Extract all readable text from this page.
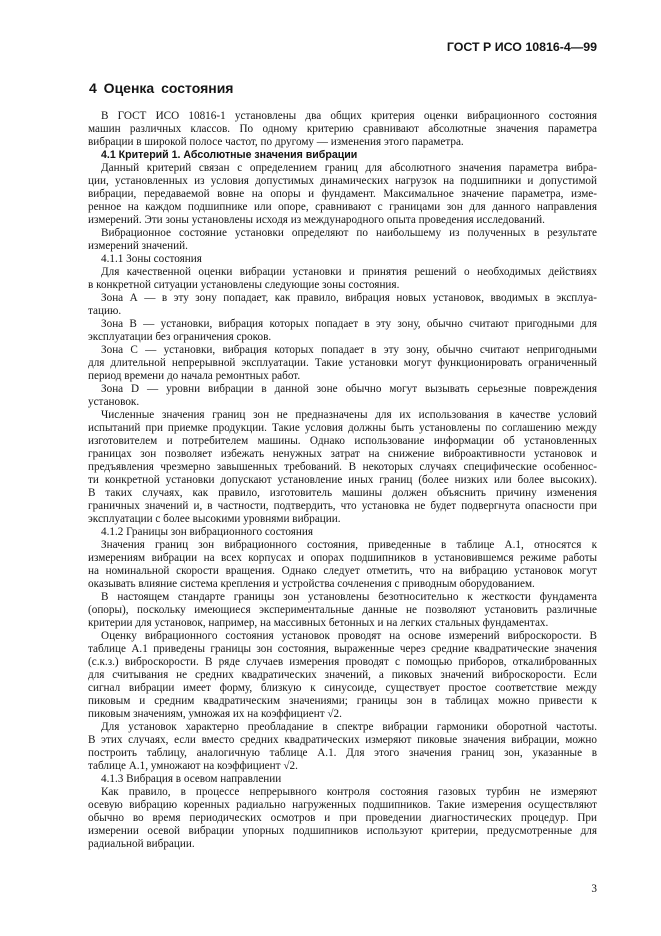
ГОСТ Р ИСО 10816-4—99
4 Оценка состояния
В ГОСТ ИСО 10816-1 установлены два общих критерия оценки вибрационного состояния
машин различных классов. По одному критерию сравнивают абсолютные значения параметра
вибрации в широкой полосе частот, по другому — изменения этого параметра.
4.1 Критерий 1. Абсолютные значения вибрации
Данный критерий связан с определением границ для абсолютного значения параметра вибра-
ции, установленных из условия допустимых динамических нагрузок на подшипники и допустимой
вибрации, передаваемой вовне на опоры и фундамент. Максимальное значение параметра, изме-
ренное на каждом подшипнике или опоре, сравнивают с границами зон для данного направления
измерений. Эти зоны установлены исходя из международного опыта проведения исследований.
Вибрационное состояние установки определяют по наибольшему из полученных в результате
измерений значений.
4.1.1 Зоны состояния
Для качественной оценки вибрации установки и принятия решений о необходимых действиях
в конкретной ситуации установлены следующие зоны состояния.
Зона А — в эту зону попадает, как правило, вибрация новых установок, вводимых в эксплуа-
тацию.
Зона В — установки, вибрация которых попадает в эту зону, обычно считают пригодными для
эксплуатации без ограничения сроков.
Зона С — установки, вибрация которых попадает в эту зону, обычно считают непригодными
для длительной непрерывной эксплуатации. Такие установки могут функционировать ограниченный
период времени до начала ремонтных работ.
Зона D — уровни вибрации в данной зоне обычно могут вызывать серьезные повреждения
установок.
Численные значения границ зон не предназначены для их использования в качестве условий
испытаний при приемке продукции. Такие условия должны быть установлены по соглашению между
изготовителем и потребителем машины. Однако использование информации об установленных
границах зон позволяет избежать ненужных затрат на снижение виброактивности установок и
предъявления чрезмерно завышенных требований. В некоторых случаях специфические особеннос-
ти конкретной установки допускают установление иных границ (более низких или более высоких).
В таких случаях, как правило, изготовитель машины должен объяснить причину изменения
граничных значений и, в частности, подтвердить, что установка не будет подвергнута опасности при
эксплуатации с более высокими уровнями вибрации.
4.1.2 Границы зон вибрационного состояния
Значения границ зон вибрационного состояния, приведенные в таблице А.1, относятся к
измерениям вибрации на всех корпусах и опорах подшипников в установившемся режиме работы
на номинальной скорости вращения. Однако следует отметить, что на вибрацию установок могут
оказывать влияние система крепления и устройства сочленения с приводным оборудованием.
В настоящем стандарте границы зон установлены безотносительно к жесткости фундамента
(опоры), поскольку имеющиеся экспериментальные данные не позволяют установить различные
критерии для установок, например, на массивных бетонных и на легких стальных фундаментах.
Оценку вибрационного состояния установок проводят на основе измерений виброскорости. В
таблице А.1 приведены границы зон состояния, выраженные через средние квадратические значения
(с.к.з.) виброскорости. В ряде случаев измерения проводят с помощью приборов, откалиброванных
для считывания не средних квадратических значений, а пиковых значений виброскорости. Если
сигнал вибрации имеет форму, близкую к синусоиде, существует простое соответствие между
пиковым и средним квадратическим значениями; границы зон в таблицах можно привести к
пиковым значениям, умножая их на коэффициент √2.
Для установок характерно преобладание в спектре вибрации гармоники оборотной частоты.
В этих случаях, если вместо средних квадратических измеряют пиковые значения вибрации, можно
построить таблицу, аналогичную таблице А.1. Для этого значения границ зон, указанные в
таблице А.1, умножают на коэффициент √2.
4.1.3 Вибрация в осевом направлении
Как правило, в процессе непрерывного контроля состояния газовых турбин не измеряют
осевую вибрацию коренных радиально нагруженных подшипников. Такие измерения осуществляют
обычно во время периодических осмотров и при проведении диагностических процедур. При
измерении осевой вибрации упорных подшипников используют критерии, предусмотренные для
радиальной вибрации.
3
